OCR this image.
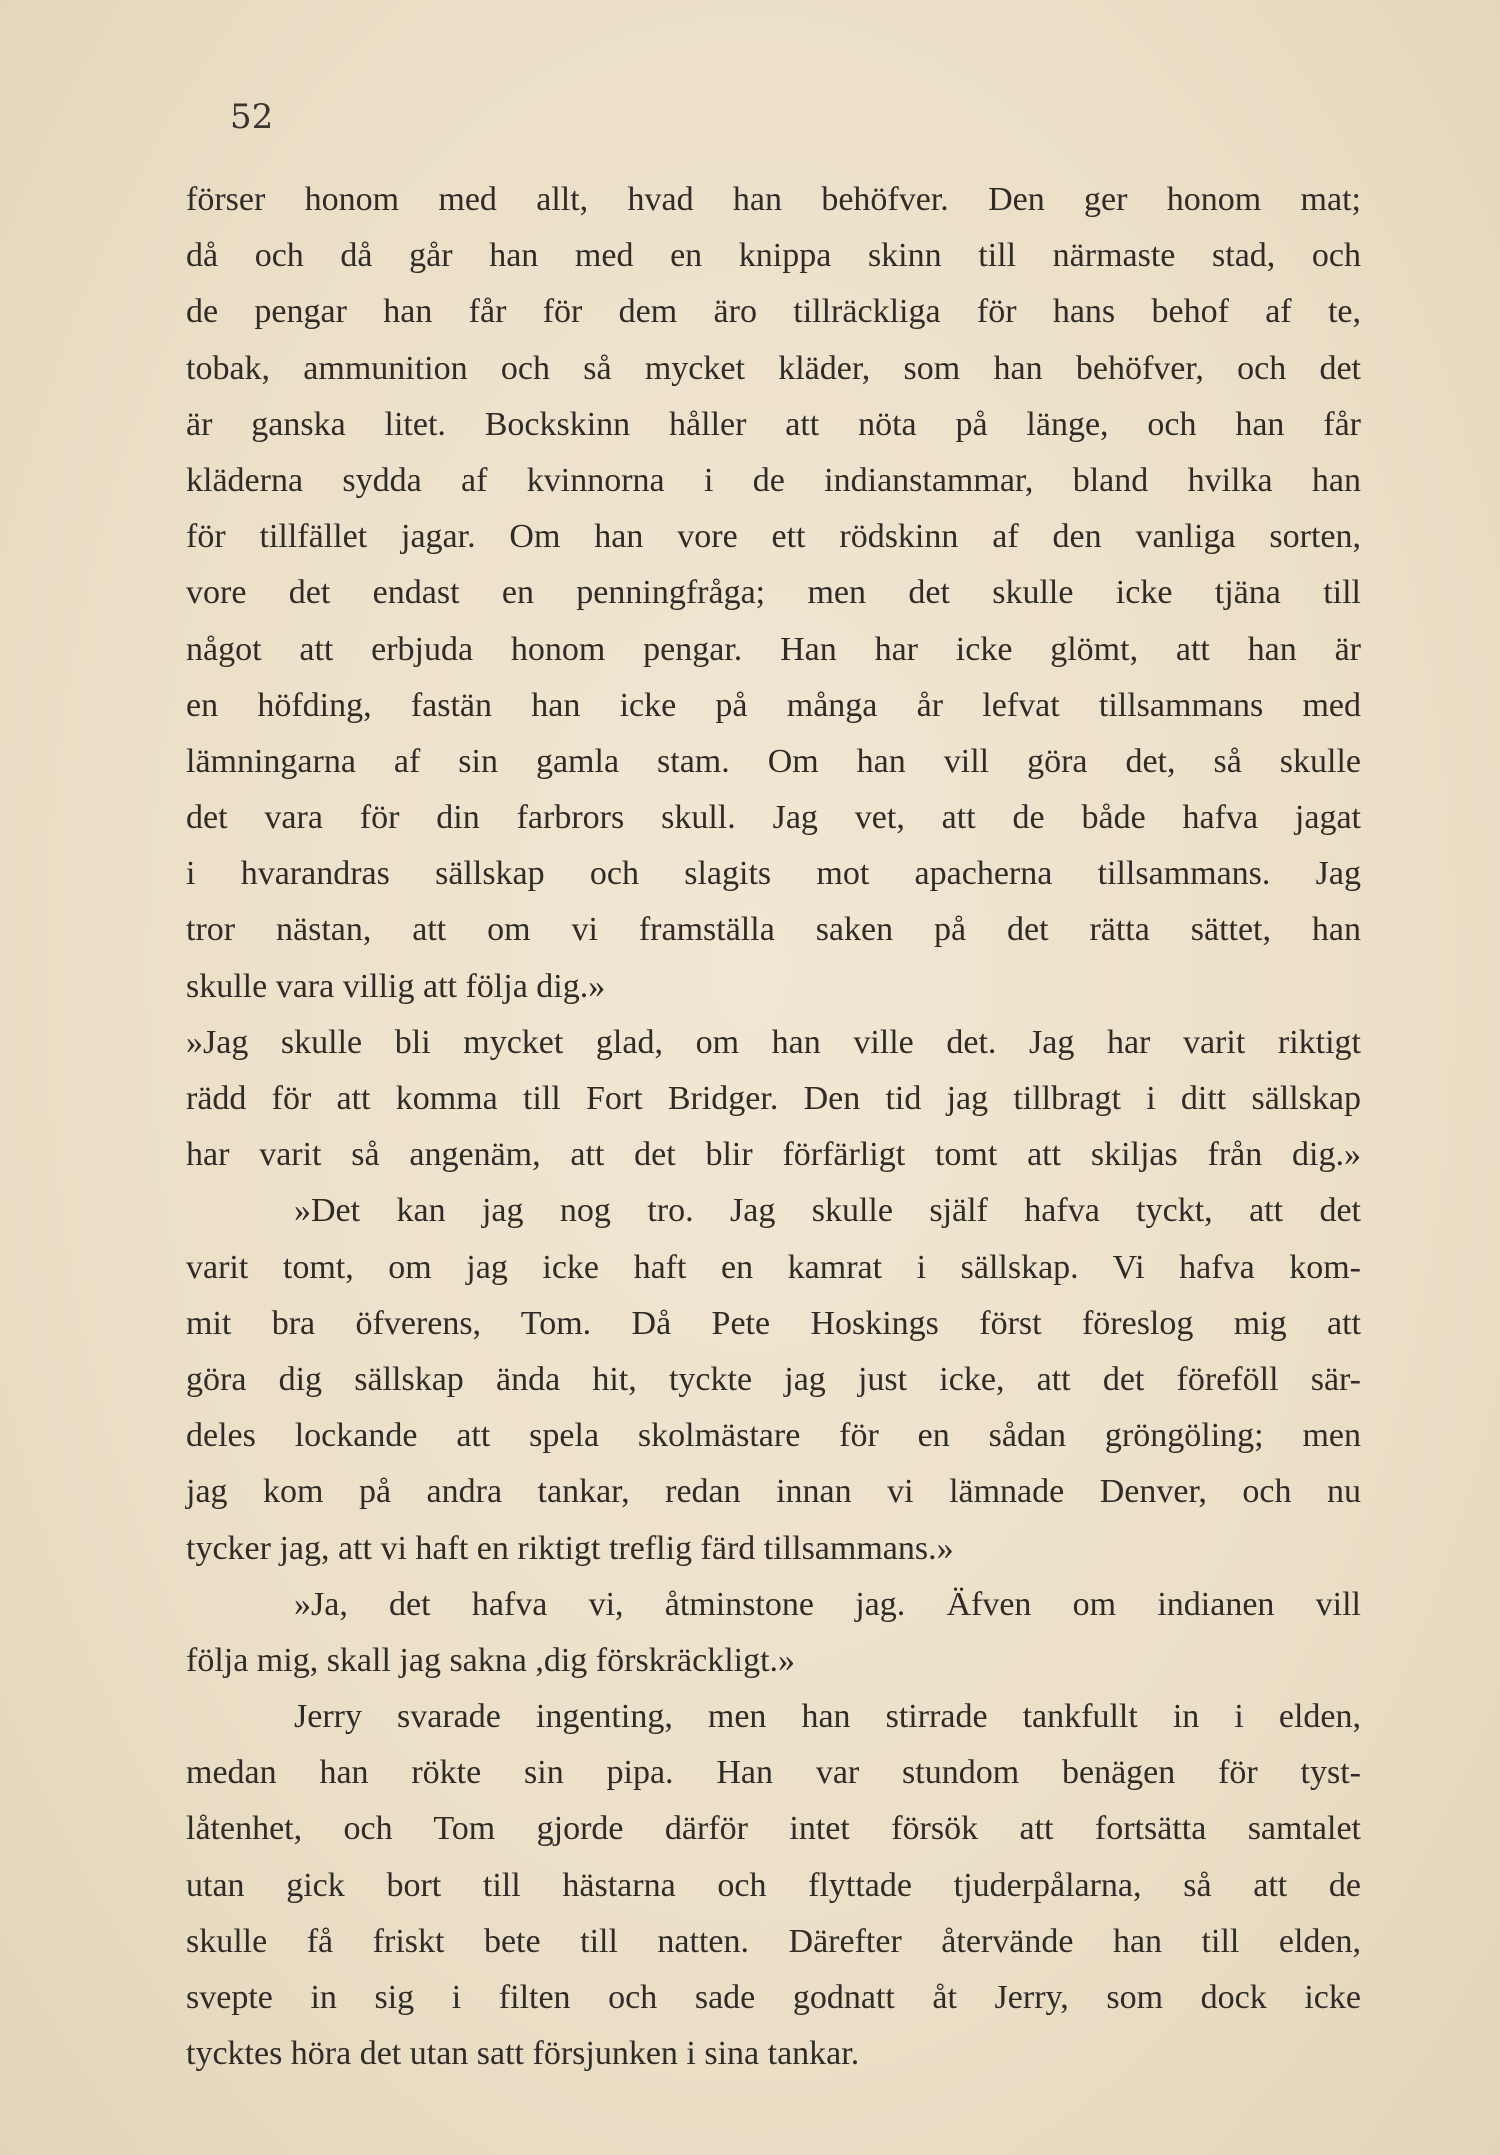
52
förser honom med allt, hvad han behöfver. Den ger honom mat;
då och då går han med en knippa skinn till närmaste stad, och
de pengar han får för dem äro tillräckliga för hans behof af te,
tobak, ammunition och så mycket kläder, som han behöfver, och det
är ganska litet. Bockskinn håller att nöta på länge, och han får
kläderna sydda af kvinnorna i de indianstammar, bland hvilka han
för tillfället jagar. Om han vore ett rödskinn af den vanliga sorten,
vore det endast en penningfråga; men det skulle icke tjäna till
något att erbjuda honom pengar. Han har icke glömt, att han är
en höfding, fastän han icke på många år lefvat tillsammans med
lämningarna af sin gamla stam. Om han vill göra det, så skulle
det vara för din farbrors skull. Jag vet, att de både hafva jagat
i hvarandras sällskap och slagits mot apacherna tillsammans. Jag
tror nästan, att om vi framställa saken på det rätta sättet, han
skulle vara villig att följa dig.»
»Jag skulle bli mycket glad, om han ville det. Jag har varit riktigt
rädd för att komma till Fort Bridger. Den tid jag tillbragt i ditt sällskap
har varit så angenäm, att det blir förfärligt tomt att skiljas från dig.»
»Det kan jag nog tro. Jag skulle själf hafva tyckt, att det
varit tomt, om jag icke haft en kamrat i sällskap. Vi hafva kom-
mit bra öfverens, Tom. Då Pete Hoskings först föreslog mig att
göra dig sällskap ända hit, tyckte jag just icke, att det föreföll sär-
deles lockande att spela skolmästare för en sådan gröngöling; men
jag kom på andra tankar, redan innan vi lämnade Denver, och nu
tycker jag, att vi haft en riktigt treflig färd tillsammans.»
»Ja, det hafva vi, åtminstone jag. Äfven om indianen vill
följa mig, skall jag sakna ,dig förskräckligt.»
Jerry svarade ingenting, men han stirrade tankfullt in i elden,
medan han rökte sin pipa. Han var stundom benägen för tyst-
låtenhet, och Tom gjorde därför intet försök att fortsätta samtalet
utan gick bort till hästarna och flyttade tjuderpålarna, så att de
skulle få friskt bete till natten. Därefter återvände han till elden,
svepte in sig i filten och sade godnatt åt Jerry, som dock icke
tycktes höra det utan satt försjunken i sina tankar.
